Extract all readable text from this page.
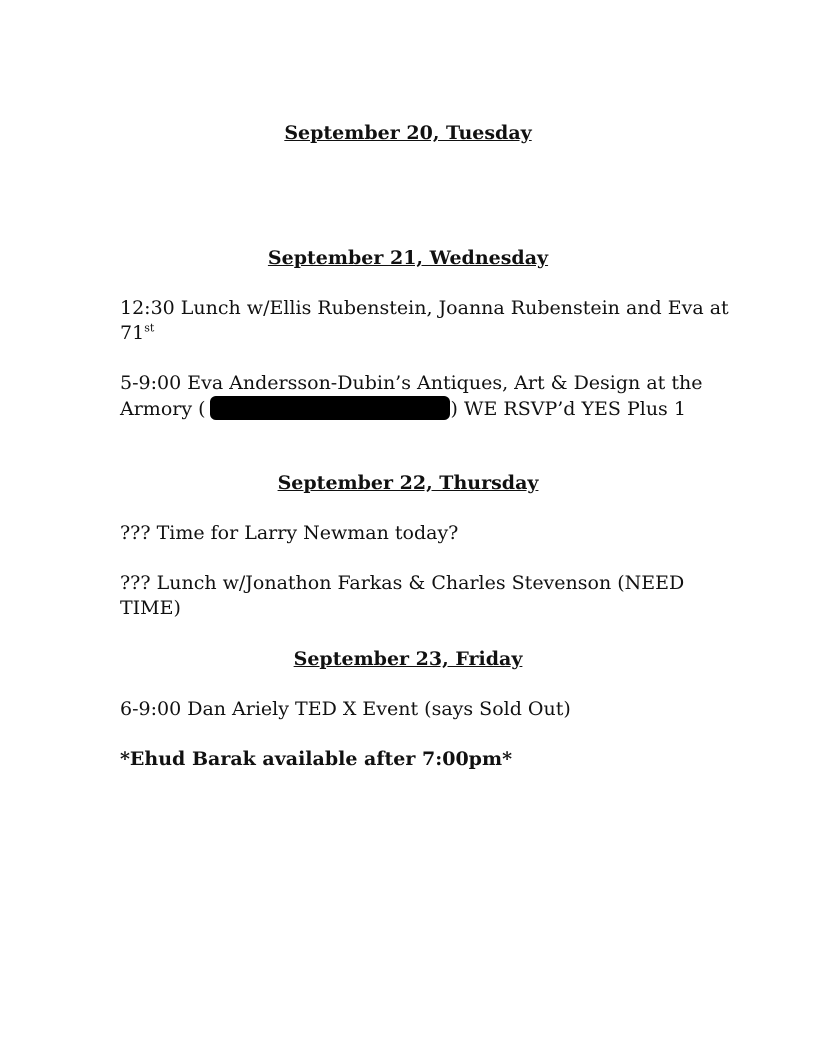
September 20, Tuesday
September 21, Wednesday
12:30 Lunch w/Ellis Rubenstein, Joanna Rubenstein and Eva at
71st
5-9:00 Eva Andersson-Dubin’s Antiques, Art & Design at the
Armory (	) WE RSVP’d YES Plus 1
September 22, Thursday
??? Time for Larry Newman today?
??? Lunch w/Jonathon Farkas & Charles Stevenson (NEED
TIME)
September 23, Friday
6-9:00 Dan Ariely TED X Event (says Sold Out)
*Ehud Barak available after 7:00pm*
